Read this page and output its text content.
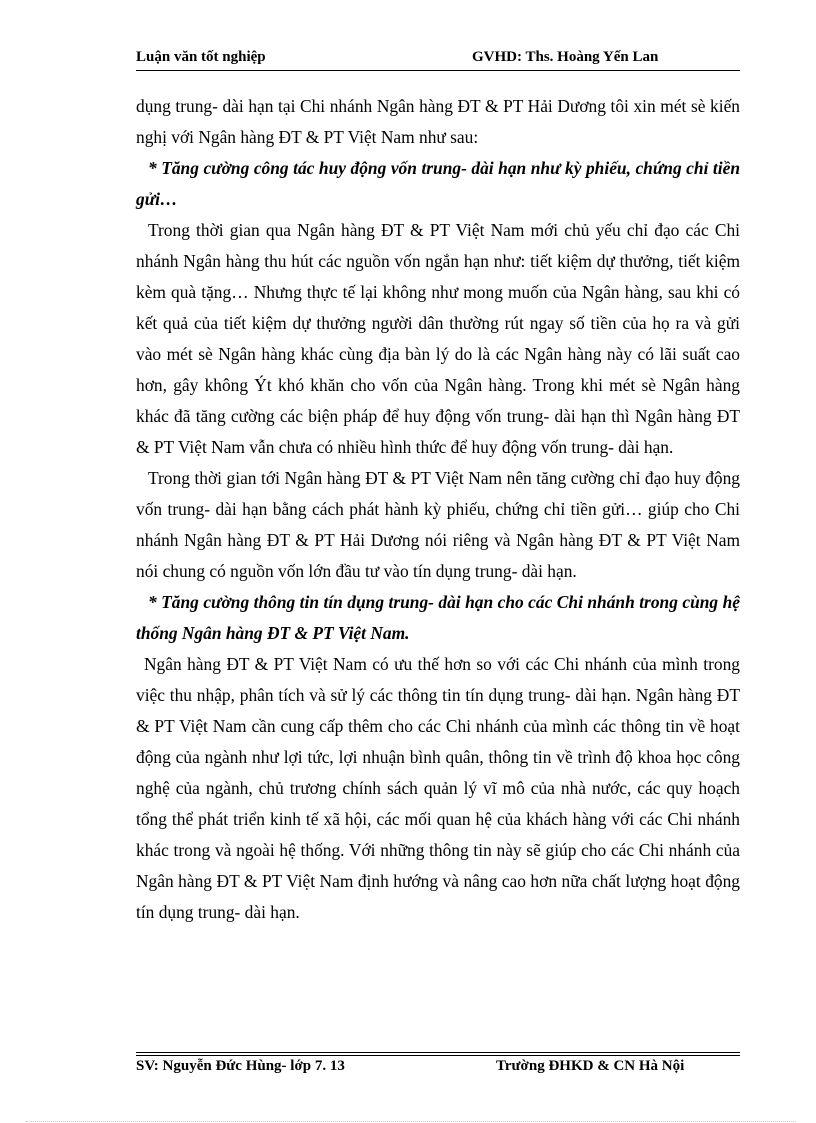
Luận văn tốt nghiệp	GVHD: Ths. Hoàng Yến Lan

dụng trung- dài hạn tại Chi nhánh Ngân hàng ĐT & PT Hải Dương tôi xin mét sè kiến nghị với Ngân hàng ĐT & PT Việt Nam như sau:

* Tăng cường công tác huy động vốn trung- dài hạn như kỳ phiếu, chứng chỉ tiền gửi…

Trong thời gian qua Ngân hàng ĐT & PT Việt Nam mới chủ yếu chỉ đạo các Chi nhánh Ngân hàng thu hút các nguồn vốn ngắn hạn như: tiết kiệm dự thưởng, tiết kiệm kèm quà tặng… Nhưng thực tế lại không như mong muốn của Ngân hàng, sau khi có kết quả của tiết kiệm dự thưởng người dân thường rút ngay số tiền của họ ra và gửi vào mét sè Ngân hàng khác cùng địa bàn lý do là các Ngân hàng này có lãi suất cao hơn, gây không Ýt khó khăn cho vốn của Ngân hàng. Trong khi mét sè Ngân hàng khác đã tăng cường các biện pháp để huy động vốn trung- dài hạn thì Ngân hàng ĐT & PT Việt Nam vẫn chưa có nhiều hình thức để huy động vốn trung- dài hạn.

Trong thời gian tới Ngân hàng ĐT & PT Việt Nam nên tăng cường chỉ đạo huy động vốn trung- dài hạn bằng cách phát hành kỳ phiếu, chứng chỉ tiền gửi… giúp cho Chi nhánh Ngân hàng ĐT & PT Hải Dương nói riêng và Ngân hàng ĐT & PT Việt Nam nói chung có nguồn vốn lớn đầu tư vào tín dụng trung- dài hạn.

* Tăng cường thông tin tín dụng trung- dài hạn cho các Chi nhánh trong cùng hệ thống Ngân hàng ĐT & PT Việt Nam.

Ngân hàng ĐT & PT Việt Nam có ưu thế hơn so với các Chi nhánh của mình trong việc thu nhập, phân tích và sử lý các thông tin tín dụng trung- dài hạn. Ngân hàng ĐT & PT Việt Nam cần cung cấp thêm cho các Chi nhánh của mình các thông tin về hoạt động của ngành như lợi tức, lợi nhuận bình quân, thông tin về trình độ khoa học công nghệ của ngành, chủ trương chính sách quản lý vĩ mô của nhà nước, các quy hoạch tổng thể phát triển kinh tế xã hội, các mối quan hệ của khách hàng với các Chi nhánh khác trong và ngoài hệ thống. Với những thông tin này sẽ giúp cho các Chi nhánh của Ngân hàng ĐT & PT Việt Nam định hướng và nâng cao hơn nữa chất lượng hoạt động tín dụng trung- dài hạn.

SV: Nguyễn Đức Hùng- lớp 7. 13	Trường ĐHKD & CN Hà Nội
